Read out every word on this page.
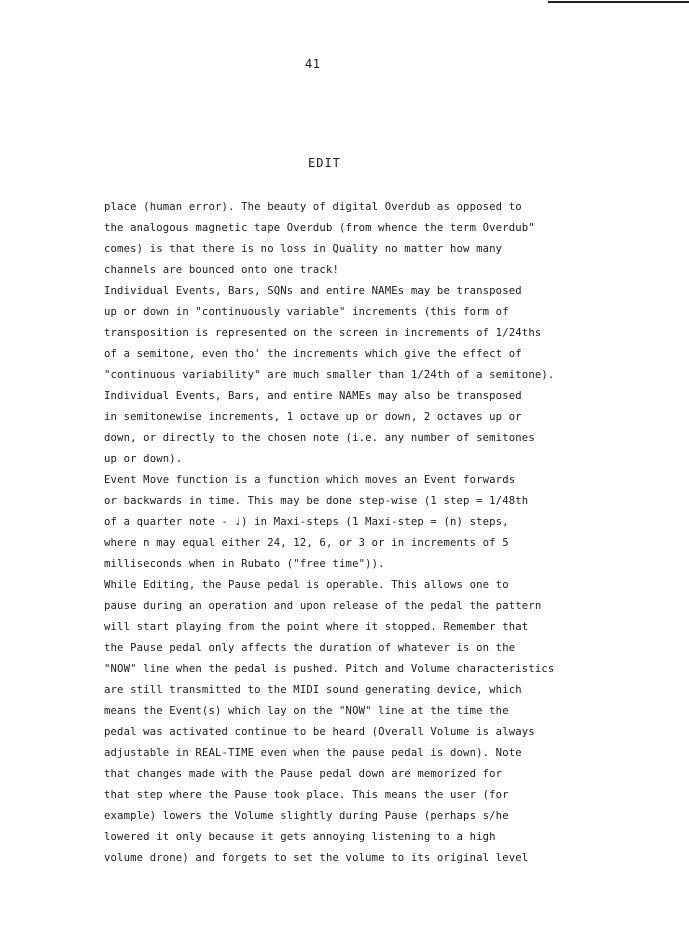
41
EDIT
place (human error). The beauty of digital Overdub as opposed to
the analogous magnetic tape Overdub (from whence the term Overdub"
comes) is that there is no loss in Quality no matter how many
channels are bounced onto one track!
Individual Events, Bars, SQNs and entire NAMEs may be transposed
up or down in "continuously variable" increments (this form of
transposition is represented on the screen in increments of 1/24ths
of a semitone, even tho' the increments which give the effect of
"continuous variability" are much smaller than 1/24th of a semitone).
Individual Events, Bars, and entire NAMEs may also be transposed
in semitonewise increments, 1 octave up or down, 2 octaves up or
down, or directly to the chosen note (i.e. any number of semitones
up or down).
Event Move function is a function which moves an Event forwards
or backwards in time. This may be done step-wise (1 step = 1/48th
of a quarter note - ♩) in Maxi-steps (1 Maxi-step = (n) steps,
where n may equal either 24, 12, 6, or 3 or in increments of 5
milliseconds when in Rubato ("free time")).
While Editing, the Pause pedal is operable. This allows one to
pause during an operation and upon release of the pedal the pattern
will start playing from the point where it stopped. Remember that
the Pause pedal only affects the duration of whatever is on the
"NOW" line when the pedal is pushed. Pitch and Volume characteristics
are still transmitted to the MIDI sound generating device, which
means the Event(s) which lay on the "NOW" line at the time the
pedal was activated continue to be heard (Overall Volume is always
adjustable in REAL-TIME even when the pause pedal is down). Note
that changes made with the Pause pedal down are memorized for
that step where the Pause took place. This means the user (for
example) lowers the Volume slightly during Pause (perhaps s/he
lowered it only because it gets annoying listening to a high
volume drone) and forgets to set the volume to its original level
